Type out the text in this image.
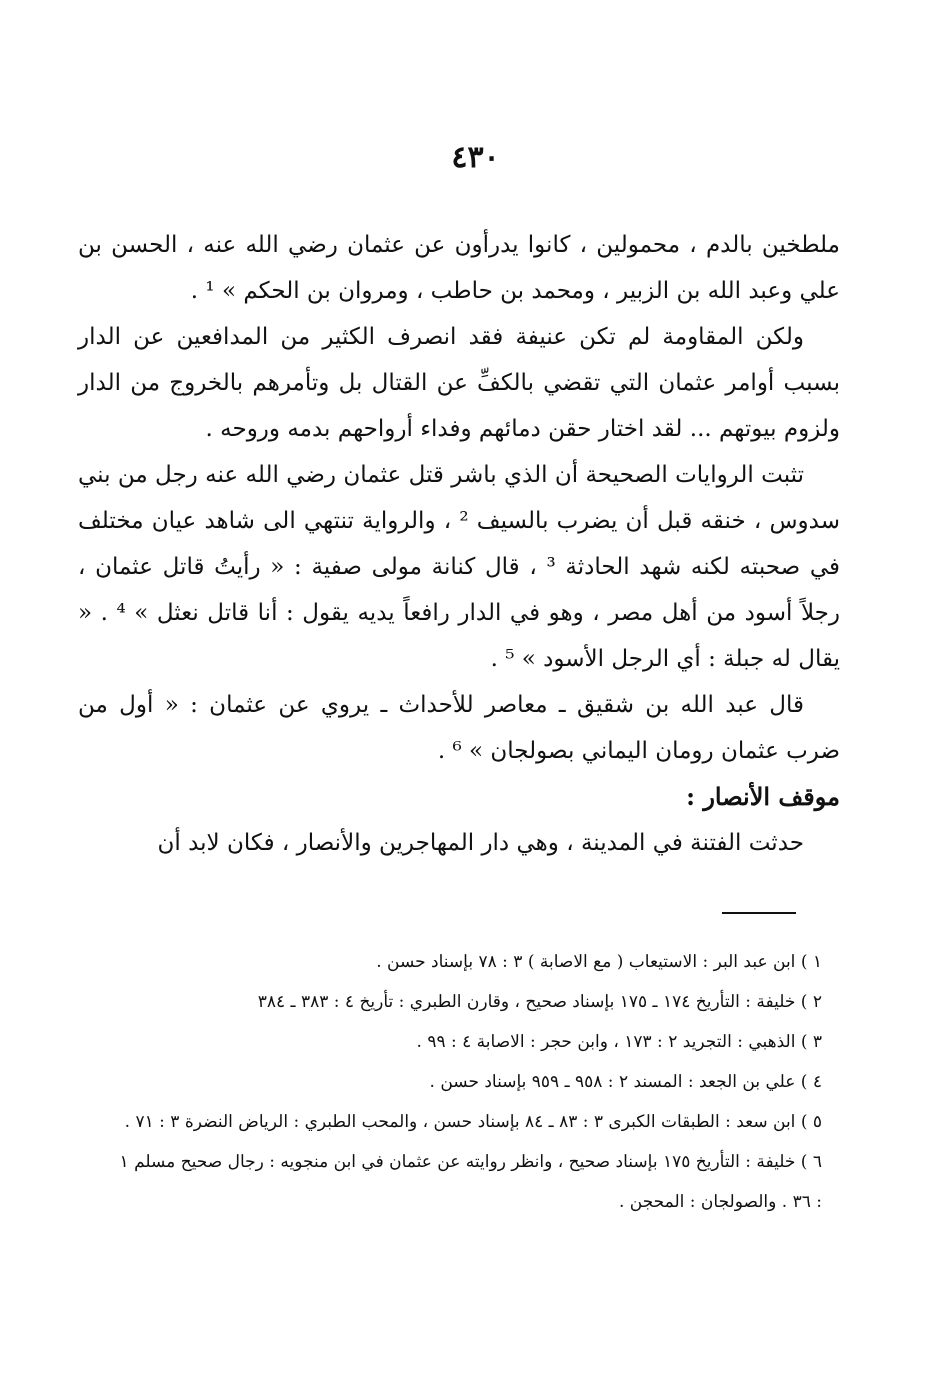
٤٣٠

ملطخين بالدم ، محمولين ، كانوا يدرأون عن عثمان رضي الله عنه ، الحسن بن علي وعبد الله بن الزبير ، ومحمد بن حاطب ، ومروان بن الحكم » ¹ .

ولكن المقاومة لم تكن عنيفة فقد انصرف الكثير من المدافعين عن الدار بسبب أوامر عثمان التي تقضي بالكفِّ عن القتال بل وتأمرهم بالخروج من الدار ولزوم بيوتهم ... لقد اختار حقن دمائهم وفداء أرواحهم بدمه وروحه .

تثبت الروايات الصحيحة أن الذي باشر قتل عثمان رضي الله عنه رجل من بني سدوس ، خنقه قبل أن يضرب بالسيف ² ، والرواية تنتهي الى شاهد عيان مختلف في صحبته لكنه شهد الحادثة ³ ، قال كنانة مولى صفية : « رأيتُ قاتل عثمان ، رجلاً أسود من أهل مصر ، وهو في الدار رافعاً يديه يقول : أنا قاتل نعثل » ⁴ . « يقال له جبلة : أي الرجل الأسود » ⁵ .

قال عبد الله بن شقيق ـ معاصر للأحداث ـ يروي عن عثمان : « أول من ضرب عثمان رومان اليماني بصولجان » ⁶ .

موقف الأنصار :

حدثت الفتنة في المدينة ، وهي دار المهاجرين والأنصار ، فكان لابد أن

١ ) ابن عبد البر : الاستيعاب ( مع الاصابة ) ٣ : ٧٨ بإسناد حسن .

٢ ) خليفة : التأريخ ١٧٤ ـ ١٧٥ بإسناد صحيح ، وقارن الطبري : تأريخ ٤ : ٣٨٣ ـ ٣٨٤

٣ ) الذهبي : التجريد ٢ : ١٧٣ ، وابن حجر : الاصابة ٤ : ٩٩ .

٤ ) علي بن الجعد : المسند ٢ : ٩٥٨ ـ ٩٥٩ بإسناد حسن .

٥ ) ابن سعد : الطبقات الكبرى ٣ : ٨٣ ـ ٨٤ بإسناد حسن ، والمحب الطبري : الرياض النضرة ٣ : ٧١ .

٦ ) خليفة : التأريخ ١٧٥ بإسناد صحيح ، وانظر روايته عن عثمان في ابن منجويه : رجال صحيح مسلم ١ : ٣٦ . والصولجان : المحجن .
